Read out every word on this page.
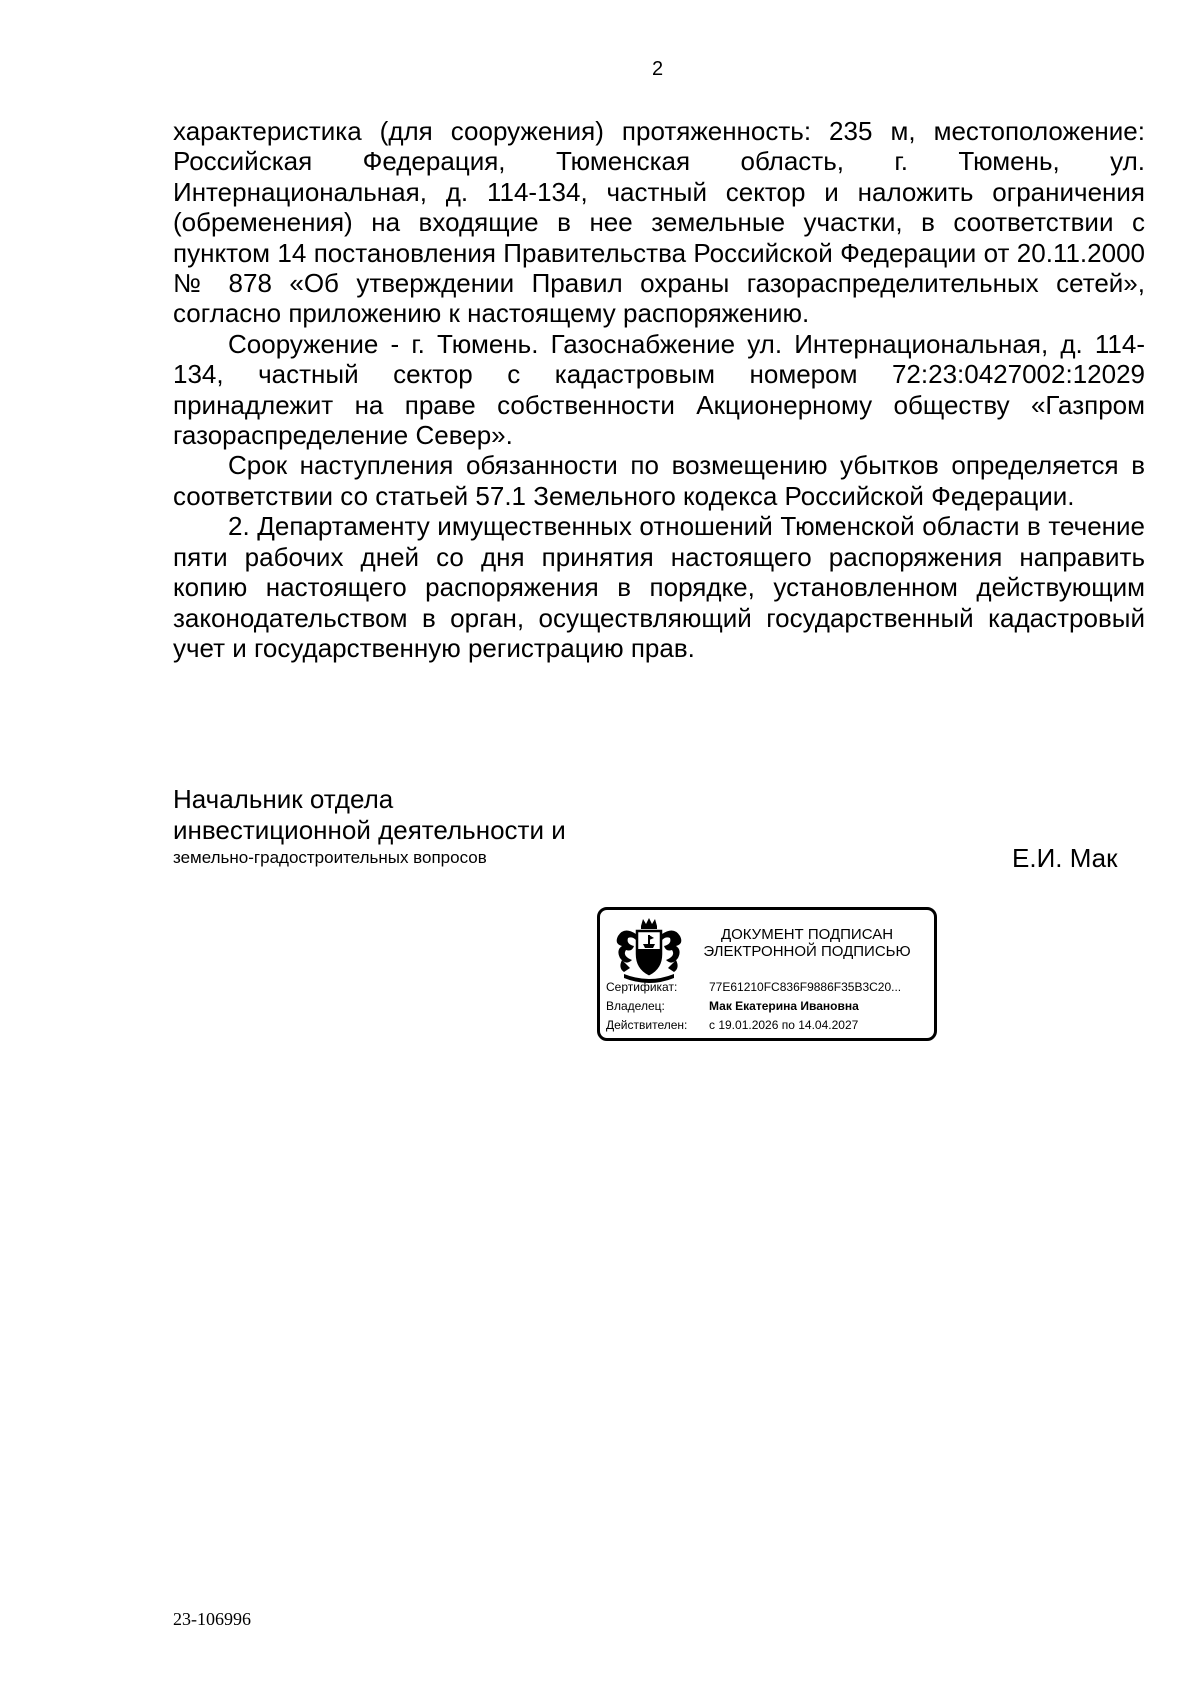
2

характеристика (для сооружения) протяженность: 235 м, местоположение: Российская Федерация, Тюменская область, г. Тюмень, ул. Интернациональная, д. 114-134, частный сектор и наложить ограничения (обременения) на входящие в нее земельные участки, в соответствии с пунктом 14 постановления Правительства Российской Федерации от 20.11.2000 № 878 «Об утверждении Правил охраны газораспределительных сетей», согласно приложению к настоящему распоряжению.

Сооружение - г. Тюмень. Газоснабжение ул. Интернациональная, д. 114-134, частный сектор с кадастровым номером 72:23:0427002:12029 принадлежит на праве собственности Акционерному обществу «Газпром газораспределение Север».

Срок наступления обязанности по возмещению убытков определяется в соответствии со статьей 57.1 Земельного кодекса Российской Федерации.

2. Департаменту имущественных отношений Тюменской области в течение пяти рабочих дней со дня принятия настоящего распоряжения направить копию настоящего распоряжения в порядке, установленном действующим законодательством в орган, осуществляющий государственный кадастровый учет и государственную регистрацию прав.

Начальник отдела
инвестиционной деятельности и
земельно-градостроительных вопросов	Е.И. Мак
ДОКУМЕНТ ПОДПИСАН
ЭЛЕКТРОННОЙ ПОДПИСЬЮ
Сертификат:	77E61210FC836F9886F35B3C20...
Владелец:	Мак Екатерина Ивановна
Действителен:	с 19.01.2026 по 14.04.2027
23-106996
